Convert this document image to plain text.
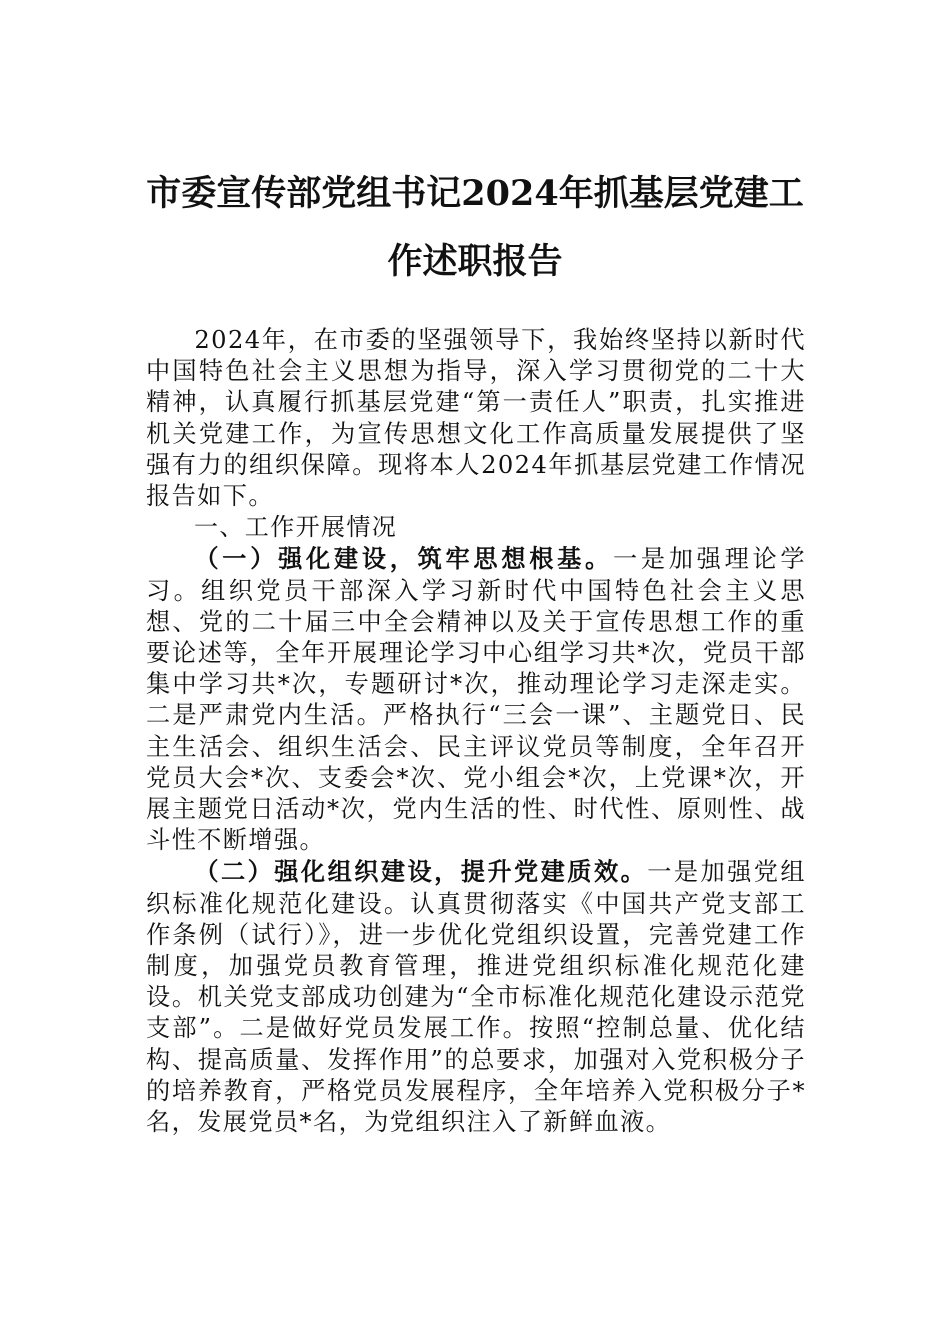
市委宣传部党组书记2024年抓基层党建工
作述职报告

2024年，在市委的坚强领导下，我始终坚持以新时代中国特色社会主义思想为指导，深入学习贯彻党的二十大精神，认真履行抓基层党建“第一责任人”职责，扎实推进机关党建工作，为宣传思想文化工作高质量发展提供了坚强有力的组织保障。现将本人2024年抓基层党建工作情况报告如下。

一、工作开展情况

（一）强化建设，筑牢思想根基。一是加强理论学习。组织党员干部深入学习新时代中国特色社会主义思想、党的二十届三中全会精神以及关于宣传思想工作的重要论述等，全年开展理论学习中心组学习共*次，党员干部集中学习共*次，专题研讨*次，推动理论学习走深走实。二是严肃党内生活。严格执行“三会一课”、主题党日、民主生活会、组织生活会、民主评议党员等制度，全年召开党员大会*次、支委会*次、党小组会*次，上党课*次，开展主题党日活动*次，党内生活的性、时代性、原则性、战斗性不断增强。

（二）强化组织建设，提升党建质效。一是加强党组织标准化规范化建设。认真贯彻落实《中国共产党支部工作条例（试行）》，进一步优化党组织设置，完善党建工作制度，加强党员教育管理，推进党组织标准化规范化建设。机关党支部成功创建为“全市标准化规范化建设示范党支部”。二是做好党员发展工作。按照“控制总量、优化结构、提高质量、发挥作用”的总要求，加强对入党积极分子的培养教育，严格党员发展程序，全年培养入党积极分子*名，发展党员*名，为党组织注入了新鲜血液。
